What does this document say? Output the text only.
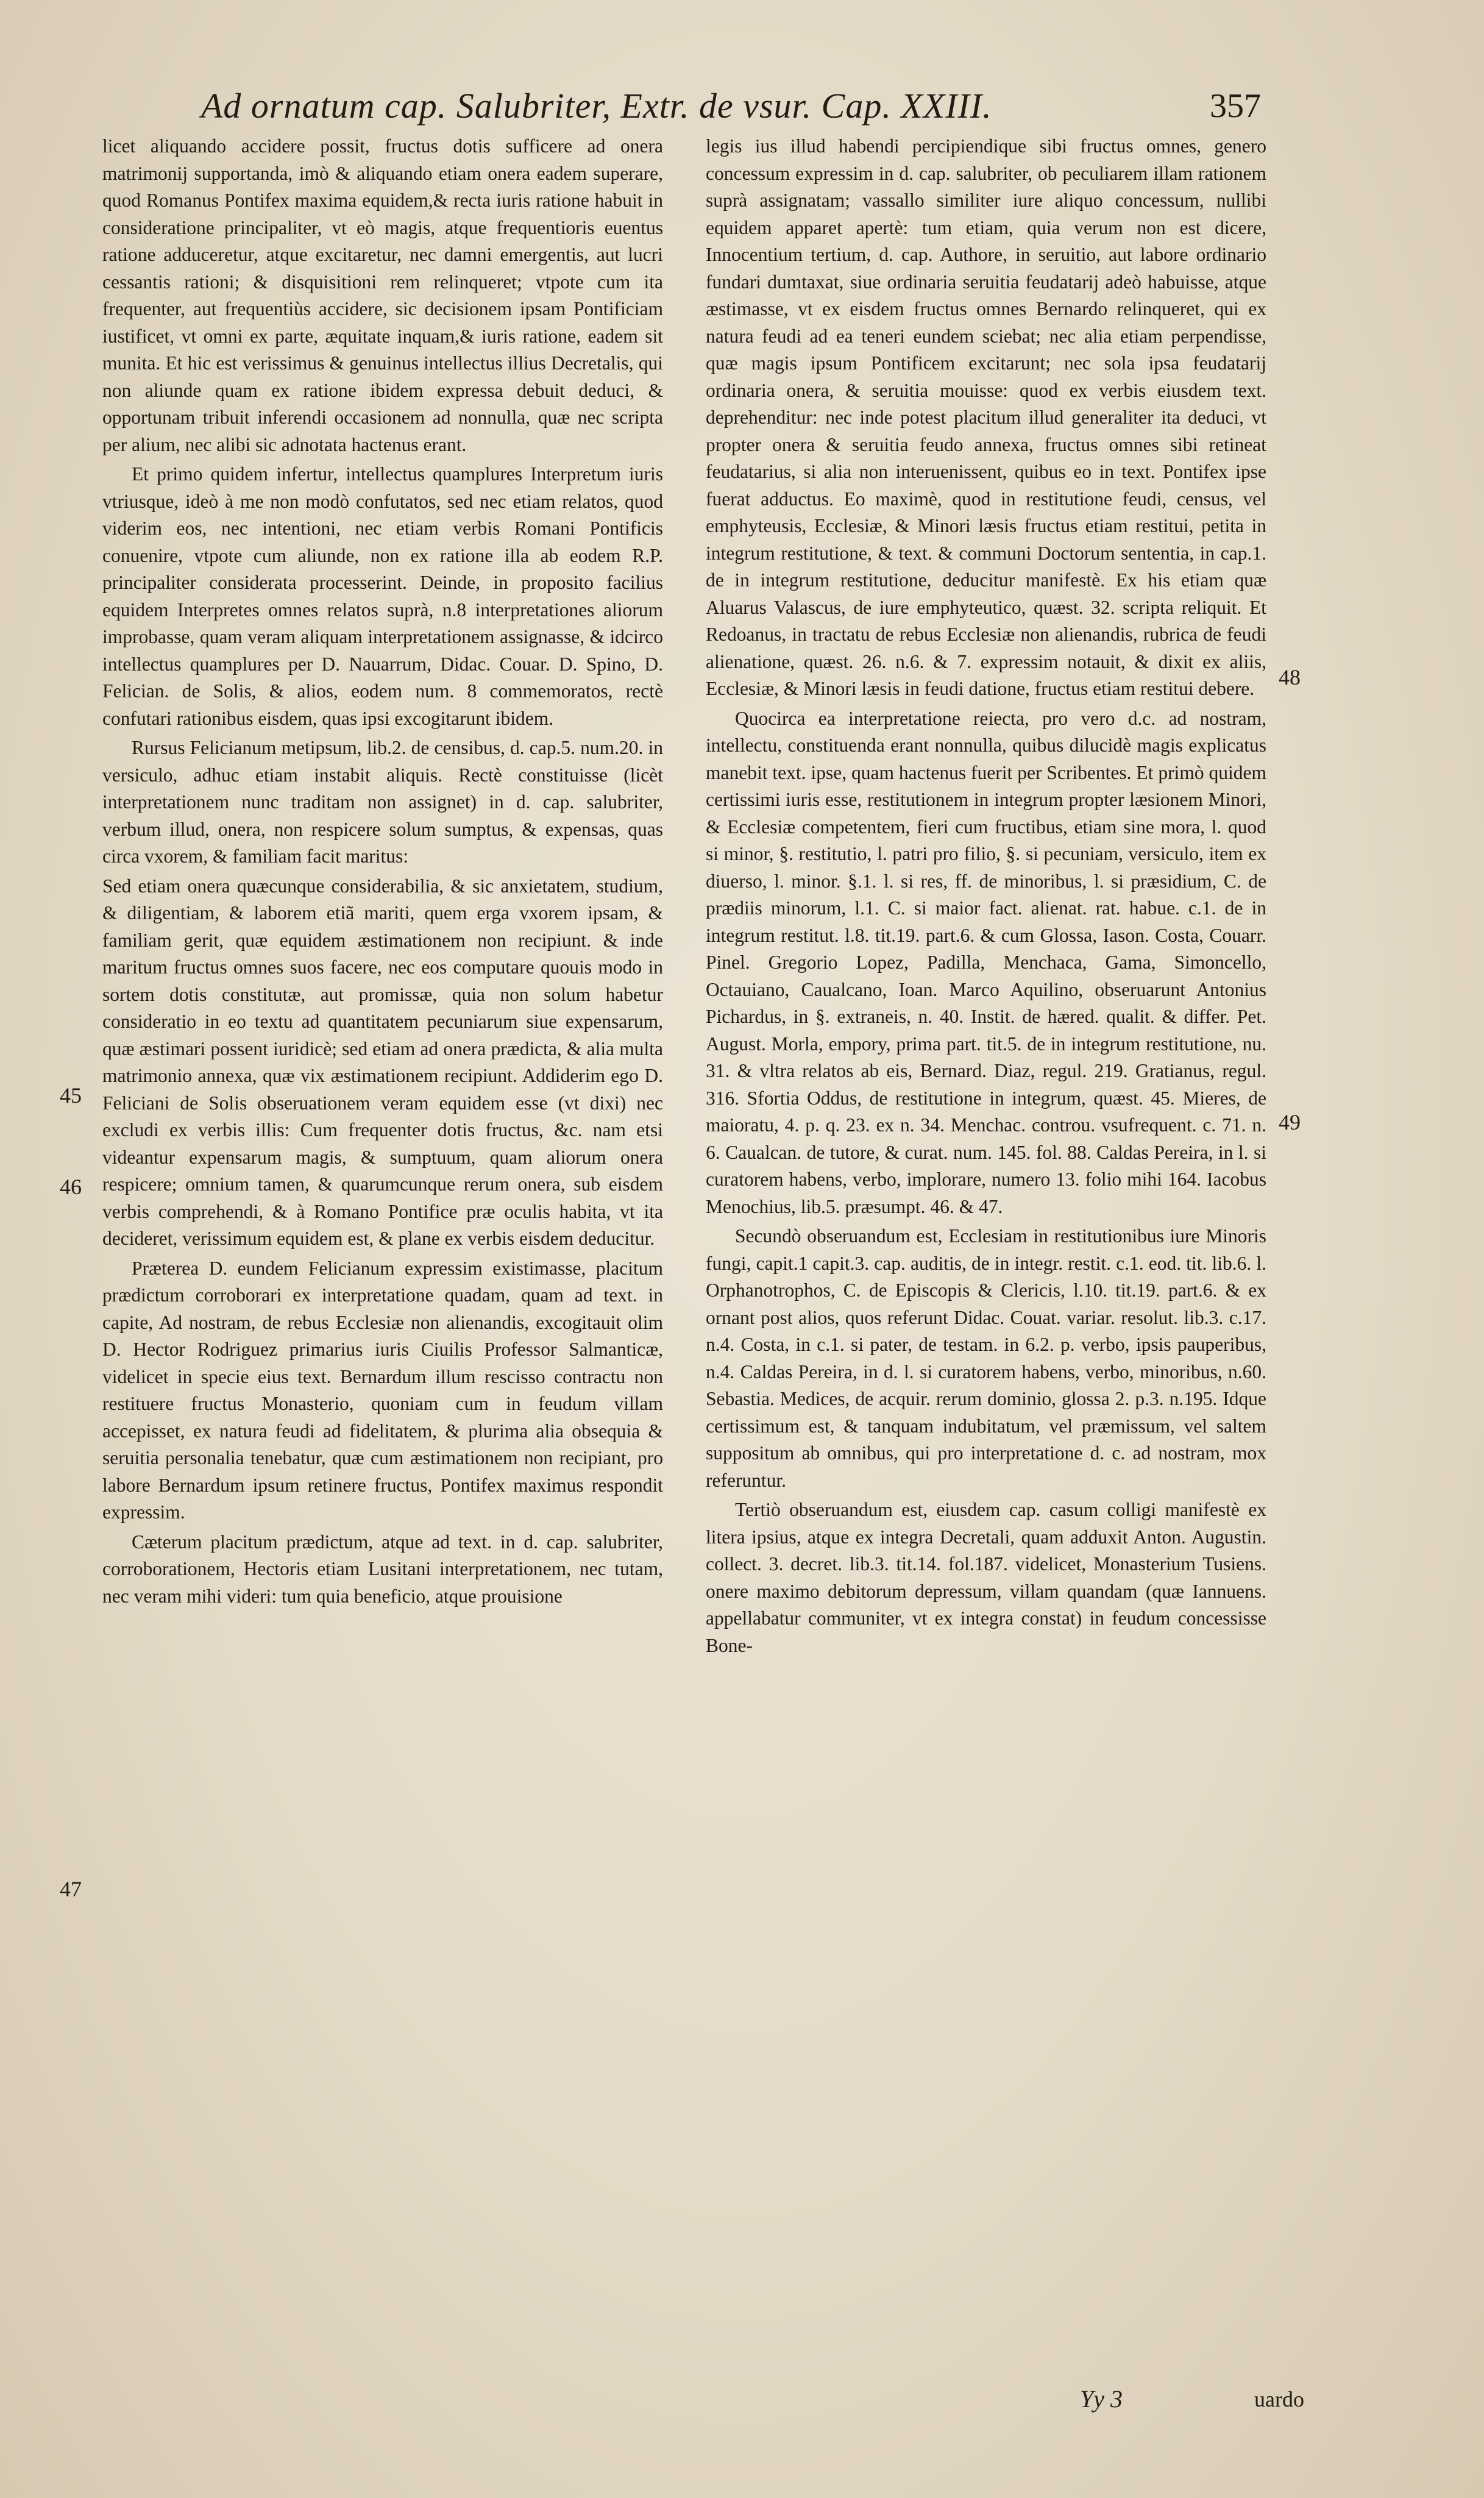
Ad ornatum cap. Salubriter, Extr. de vsur. Cap. XXIII.	357

licet aliquando accidere possit, fructus dotis sufficere ad onera matrimonij supportanda, imò & aliquando etiam onera eadem superare, quod Romanus Pontifex maxima equidem,& recta iuris ratione habuit in consideratione principaliter, vt eò magis, atque frequentioris euentus ratione adduceretur, atque excitaretur, nec damni emergentis, aut lucri cessantis rationi; & disquisitioni rem relinqueret; vtpote cum ita frequenter, aut frequentiùs accidere, sic decisionem ipsam Pontificiam iustificet, vt omni ex parte, æquitate inquam,& iuris ratione, eadem sit munita. Et hic est verissimus & genuinus intellectus illius Decretalis, qui non aliunde quam ex ratione ibidem expressa debuit deduci, & opportunam tribuit inferendi occasionem ad nonnulla, quæ nec scripta per alium, nec alibi sic adnotata hactenus erant.

Et primo quidem infertur, intellectus quamplures Interpretum iuris vtriusque, ideò à me non modò confutatos, sed nec etiam relatos, quod viderim eos, nec intentioni, nec etiam verbis Romani Pontificis conuenire, vtpote cum aliunde, non ex ratione illa ab eodem R.P. principaliter considerata processerint. Deinde, in proposito facilius equidem Interpretes omnes relatos suprà, n.8 interpretationes aliorum improbasse, quam veram aliquam interpretationem assignasse, & idcirco intellectus quamplures per D. Nauarrum, Didac. Couar. D. Spino, D. Felician. de Solis, & alios, eodem num. 8 commemoratos, rectè confutari rationibus eisdem, quas ipsi excogitarunt ibidem.

Rursus Felicianum metipsum, lib.2. de censibus, d. cap.5. num.20. in versiculo, adhuc etiam instabit aliquis. Rectè constituisse (licèt interpretationem nunc traditam non assignet) in d. cap. salubriter, verbum illud, onera, non respicere solum sumptus, & expensas, quas circa vxorem, & familiam facit maritus:

Sed etiam onera quæcunque considerabilia, & sic anxietatem, studium, & diligentiam, & laborem etiã mariti, quem erga vxorem ipsam, & familiam gerit, quæ equidem æstimationem non recipiunt. & inde maritum fructus omnes suos facere, nec eos computare quouis modo in sortem dotis constitutæ, aut promissæ, quia non solum habetur consideratio in eo textu ad quantitatem pecuniarum siue expensarum, quæ æstimari possent iuridicè; sed etiam ad onera prædicta, & alia multa matrimonio annexa, quæ vix æstimationem recipiunt. Addiderim ego D. Feliciani de Solis obseruationem veram equidem esse (vt dixi) nec excludi ex verbis illis: Cum frequenter dotis fructus, &c. nam etsi videantur expensarum magis, & sumptuum, quam aliorum onera respicere; omnium tamen, & quarumcunque rerum onera, sub eisdem verbis comprehendi, & à Romano Pontifice præ oculis habita, vt ita decideret, verissimum equidem est, & plane ex verbis eisdem deducitur.

Præterea D. eundem Felicianum expressim existimasse, placitum prædictum corroborari ex interpretatione quadam, quam ad text. in capite, Ad nostram, de rebus Ecclesiæ non alienandis, excogitauit olim D. Hector Rodriguez primarius iuris Ciuilis Professor Salmanticæ, videlicet in specie eius text. Bernardum illum rescisso contractu non restituere fructus Monasterio, quoniam cum in feudum villam accepisset, ex natura feudi ad fidelitatem, & plurima alia obsequia & seruitia personalia tenebatur, quæ cum æstimationem non recipiant, pro labore Bernardum ipsum retinere fructus, Pontifex maximus respondit expressim.

Cæterum placitum prædictum, atque ad text. in d. cap. salubriter, corroborationem, Hectoris etiam Lusitani interpretationem, nec tutam, nec veram mihi videri: tum quia beneficio, atque prouisione

legis ius illud habendi percipiendique sibi fructus omnes, genero concessum expressim in d. cap. salubriter, ob peculiarem illam rationem suprà assignatam; vassallo similiter iure aliquo concessum, nullibi equidem apparet apertè: tum etiam, quia verum non est dicere, Innocentium tertium, d. cap. Authore, in seruitio, aut labore ordinario fundari dumtaxat, siue ordinaria seruitia feudatarij adeò habuisse, atque æstimasse, vt ex eisdem fructus omnes Bernardo relinqueret, qui ex natura feudi ad ea teneri eundem sciebat; nec alia etiam perpendisse, quæ magis ipsum Pontificem excitarunt; nec sola ipsa feudatarij ordinaria onera, & seruitia mouisse: quod ex verbis eiusdem text. deprehenditur: nec inde potest placitum illud generaliter ita deduci, vt propter onera & seruitia feudo annexa, fructus omnes sibi retineat feudatarius, si alia non interuenissent, quibus eo in text. Pontifex ipse fuerat adductus. Eo maximè, quod in restitutione feudi, census, vel emphyteusis, Ecclesiæ, & Minori læsis fructus etiam restitui, petita in integrum restitutione, & text. & communi Doctorum sententia, in cap.1. de in integrum restitutione, deducitur manifestè. Ex his etiam quæ Aluarus Valascus, de iure emphyteutico, quæst. 32. scripta reliquit. Et Redoanus, in tractatu de rebus Ecclesiæ non alienandis, rubrica de feudi alienatione, quæst. 26. n.6. & 7. expressim notauit, & dixit ex aliis, Ecclesiæ, & Minori læsis in feudi datione, fructus etiam restitui debere.

Quocirca ea interpretatione reiecta, pro vero d.c. ad nostram, intellectu, constituenda erant nonnulla, quibus dilucidè magis explicatus manebit text. ipse, quam hactenus fuerit per Scribentes. Et primò quidem certissimi iuris esse, restitutionem in integrum propter læsionem Minori, & Ecclesiæ competentem, fieri cum fructibus, etiam sine mora, l. quod si minor, §. restitutio, l. patri pro filio, §. si pecuniam, versiculo, item ex diuerso, l. minor. §.1. l. si res, ff. de minoribus, l. si præsidium, C. de prædiis minorum, l.1. C. si maior fact. alienat. rat. habue. c.1. de in integrum restitut. l.8. tit.19. part.6. & cum Glossa, Iason. Costa, Couarr. Pinel. Gregorio Lopez, Padilla, Menchaca, Gama, Simoncello, Octauiano, Caualcano, Ioan. Marco Aquilino, obseruarunt Antonius Pichardus, in §. extraneis, n. 40. Instit. de hæred. qualit. & differ. Pet. August. Morla, empory, prima part. tit.5. de in integrum restitutione, nu. 31. & vltra relatos ab eis, Bernard. Diaz, regul. 219. Gratianus, regul. 316. Sfortia Oddus, de restitutione in integrum, quæst. 45. Mieres, de maioratu, 4. p. q. 23. ex n. 34. Menchac. controu. vsufrequent. c. 71. n. 6. Caualcan. de tutore, & curat. num. 145. fol. 88. Caldas Pereira, in l. si curatorem habens, verbo, implorare, numero 13. folio mihi 164. Iacobus Menochius, lib.5. præsumpt. 46. & 47.

Secundò obseruandum est, Ecclesiam in restitutionibus iure Minoris fungi, capit.1 capit.3. cap. auditis, de in integr. restit. c.1. eod. tit. lib.6. l. Orphanotrophos, C. de Episcopis & Clericis, l.10. tit.19. part.6. & ex ornant post alios, quos referunt Didac. Couat. variar. resolut. lib.3. c.17. n.4. Costa, in c.1. si pater, de testam. in 6.2. p. verbo, ipsis pauperibus, n.4. Caldas Pereira, in d. l. si curatorem habens, verbo, minoribus, n.60. Sebastia. Medices, de acquir. rerum dominio, glossa 2. p.3. n.195. Idque certissimum est, & tanquam indubitatum, vel præmissum, vel saltem suppositum ab omnibus, qui pro interpretatione d. c. ad nostram, mox referuntur.

Tertiò obseruandum est, eiusdem cap. casum colligi manifestè ex litera ipsius, atque ex integra Decretali, quam adduxit Anton. Augustin. collect. 3. decret. lib.3. tit.14. fol.187. videlicet, Monasterium Tusiens. onere maximo debitorum depressum, villam quandam (quæ Iannuens. appellabatur communiter, vt ex integra constat) in feudum concessisse Bone-

45
46
47
48
49
Yy 3	uardo
